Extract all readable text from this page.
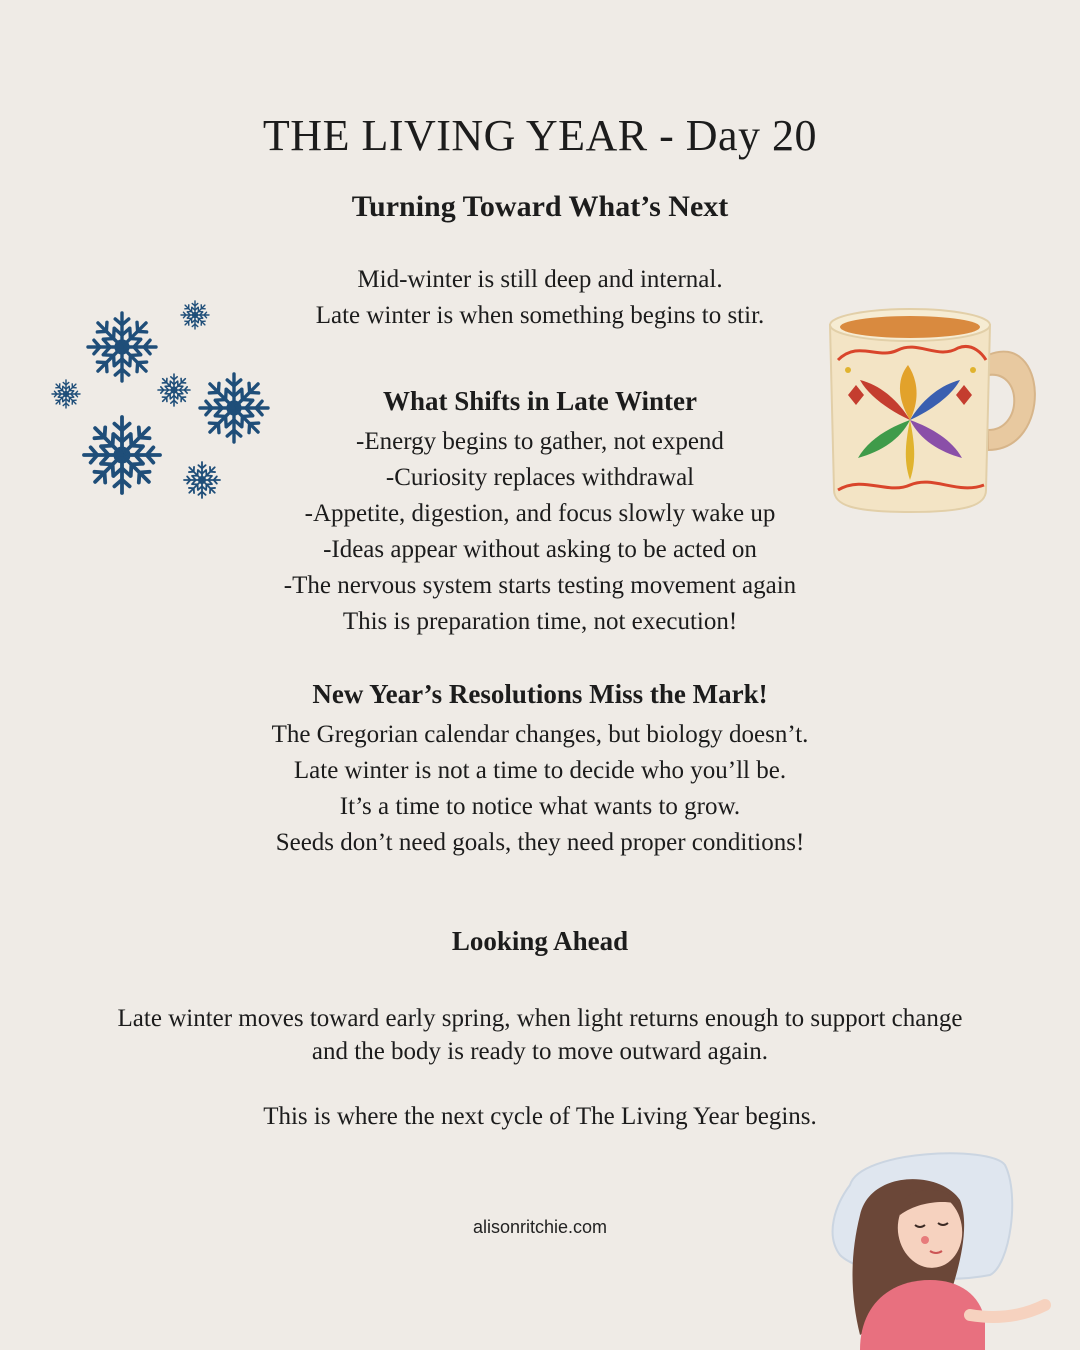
THE LIVING YEAR - Day 20
Turning Toward What’s Next
Mid-winter is still deep and internal.
Late winter is when something begins to stir.
What Shifts in Late Winter
-Energy begins to gather, not expend
-Curiosity replaces withdrawal
-Appetite, digestion, and focus slowly wake up
-Ideas appear without asking to be acted on
-The nervous system starts testing movement again
This is preparation time, not execution!
New Year’s Resolutions Miss the Mark!
The Gregorian calendar changes, but biology doesn’t.
Late winter is not a time to decide who you’ll be.
It’s a time to notice what wants to grow.
Seeds don’t need goals, they need proper conditions!
Looking Ahead
Late winter moves toward early spring, when light returns enough to support change
and the body is ready to move outward again.
This is where the next cycle of The Living Year begins.
alisonritchie.com
